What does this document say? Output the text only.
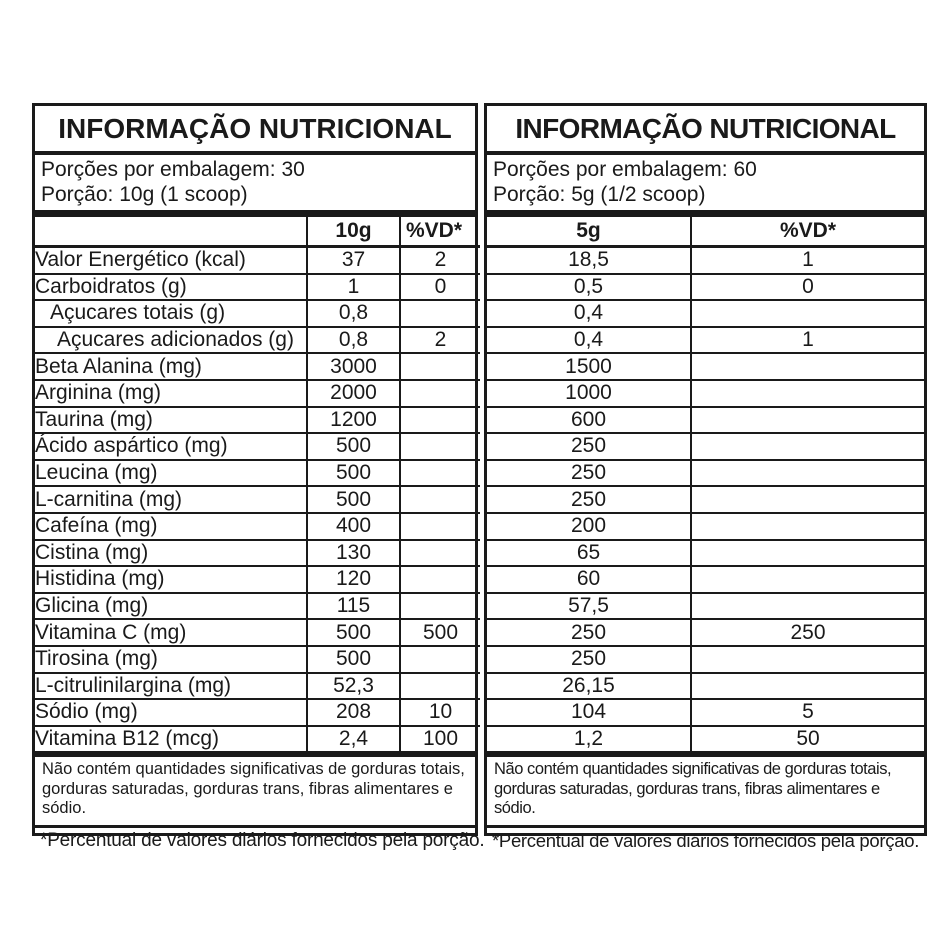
INFORMAÇÃO NUTRICIONAL
Porções por embalagem: 30
Porção: 10g (1 scoop)
	10g	%VD*
Valor Energético (kcal)	37	2
Carboidratos (g)	1	0
Açucares totais (g)	0,8	
Açucares adicionados (g)	0,8	2
Beta Alanina (mg)	3000	
Arginina (mg)	2000	
Taurina (mg)	1200	
Ácido aspártico (mg)	500	
Leucina (mg)	500	
L-carnitina (mg)	500	
Cafeína (mg)	400	
Cistina (mg)	130	
Histidina (mg)	120	
Glicina (mg)	115	
Vitamina C (mg)	500	500
Tirosina (mg)	500	
L-citrulinilargina (mg)	52,3	
Sódio (mg)	208	10
Vitamina B12 (mcg)	2,4	100
Não contém quantidades significativas de gorduras totais, gorduras saturadas, gorduras trans, fibras alimentares e sódio.
*Percentual de valores diários fornecidos pela porção.
INFORMAÇÃO NUTRICIONAL
Porções por embalagem: 60
Porção: 5g (1/2 scoop)
5g	%VD*
18,5	1
0,5	0
0,4	
0,4	1
1500	
1000	
600	
250	
250	
250	
200	
65	
60	
57,5	
250	250
250	
26,15	
104	5
1,2	50
Não contém quantidades significativas de gorduras totais, gorduras saturadas, gorduras trans, fibras alimentares e sódio.
*Percentual de valores diários fornecidos pela porção.
